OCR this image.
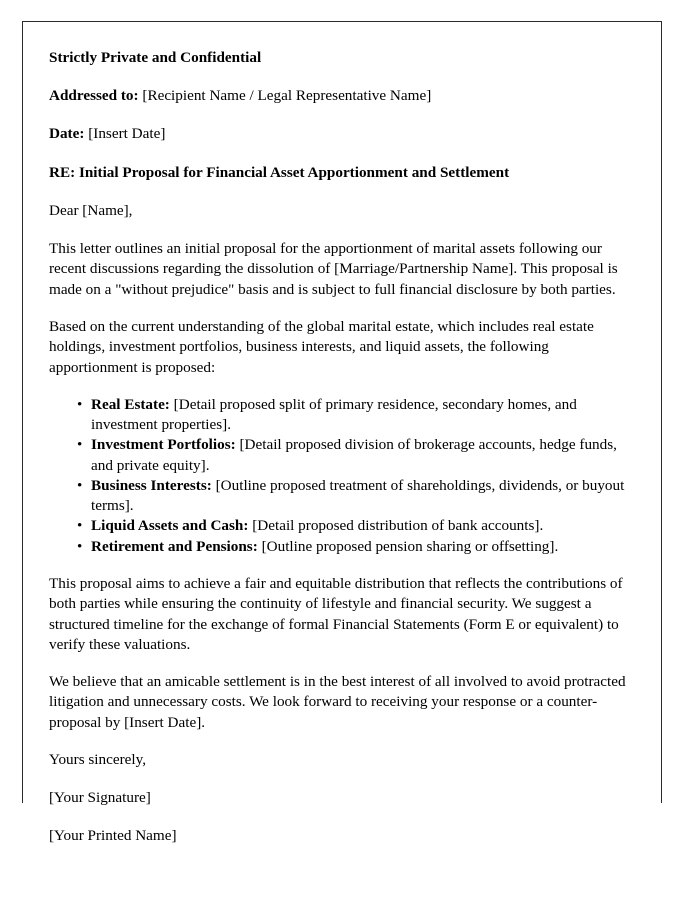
Strictly Private and Confidential

Addressed to: [Recipient Name / Legal Representative Name]

Date: [Insert Date]

RE: Initial Proposal for Financial Asset Apportionment and Settlement

Dear [Name],

This letter outlines an initial proposal for the apportionment of marital assets following our recent discussions regarding the dissolution of [Marriage/Partnership Name]. This proposal is made on a "without prejudice" basis and is subject to full financial disclosure by both parties.

Based on the current understanding of the global marital estate, which includes real estate holdings, investment portfolios, business interests, and liquid assets, the following apportionment is proposed:

• Real Estate: [Detail proposed split of primary residence, secondary homes, and investment properties].
• Investment Portfolios: [Detail proposed division of brokerage accounts, hedge funds, and private equity].
• Business Interests: [Outline proposed treatment of shareholdings, dividends, or buyout terms].
• Liquid Assets and Cash: [Detail proposed distribution of bank accounts].
• Retirement and Pensions: [Outline proposed pension sharing or offsetting].

This proposal aims to achieve a fair and equitable distribution that reflects the contributions of both parties while ensuring the continuity of lifestyle and financial security. We suggest a structured timeline for the exchange of formal Financial Statements (Form E or equivalent) to verify these valuations.

We believe that an amicable settlement is in the best interest of all involved to avoid protracted litigation and unnecessary costs. We look forward to receiving your response or a counter-proposal by [Insert Date].

Yours sincerely,

[Your Signature]

[Your Printed Name]
